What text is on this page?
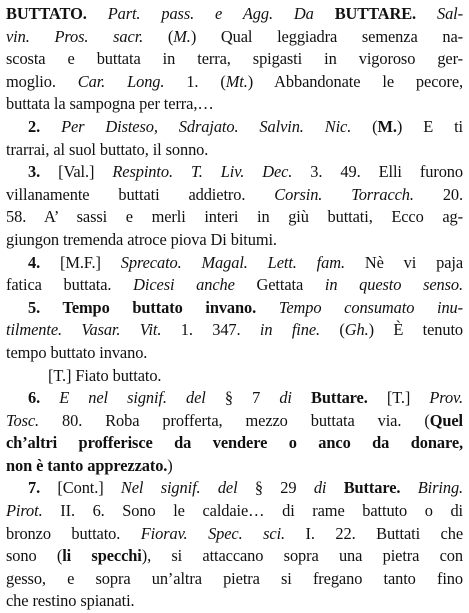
BUTTATO. Part. pass. e Agg. Da BUTTARE. Sal-
vin. Pros. sacr. (M.) Qual leggiadra semenza na-
scosta e buttata in terra, spigasti in vigoroso ger-
moglio. Car. Long. 1. (Mt.) Abbandonate le pecore,
buttata la sampogna per terra,…
2. Per Disteso, Sdrajato. Salvin. Nic. (M.) E ti
trarrai, al suol buttato, il sonno.
3. [Val.] Respinto. T. Liv. Dec. 3. 49. Elli furono
villanamente buttati addietro. Corsin. Torracch. 20.
58. A’ sassi e merli interi in giù buttati, Ecco ag-
giungon tremenda atroce piova Di bitumi.
4. [M.F.] Sprecato. Magal. Lett. fam. Nè vi paja
fatica buttata. Dicesi anche Gettata in questo senso.
5. Tempo buttato invano. Tempo consumato inu-
tilmente. Vasar. Vit. 1. 347. in fine. (Gh.) È tenuto
tempo buttato invano.
[T.] Fiato buttato.
6. E nel signif. del § 7 di Buttare. [T.] Prov.
Tosc. 80. Roba profferta, mezzo buttata via. (Quel
ch’altri profferisce da vendere o anco da donare,
non è tanto apprezzato.)
7. [Cont.] Nel signif. del § 29 di Buttare. Biring.
Pirot. II. 6. Sono le caldaie… di rame battuto o di
bronzo buttato. Fiorav. Spec. sci. I. 22. Buttati che
sono (li specchi), si attaccano sopra una pietra con
gesso, e sopra un’altra pietra si fregano tanto fino
che restino spianati.
